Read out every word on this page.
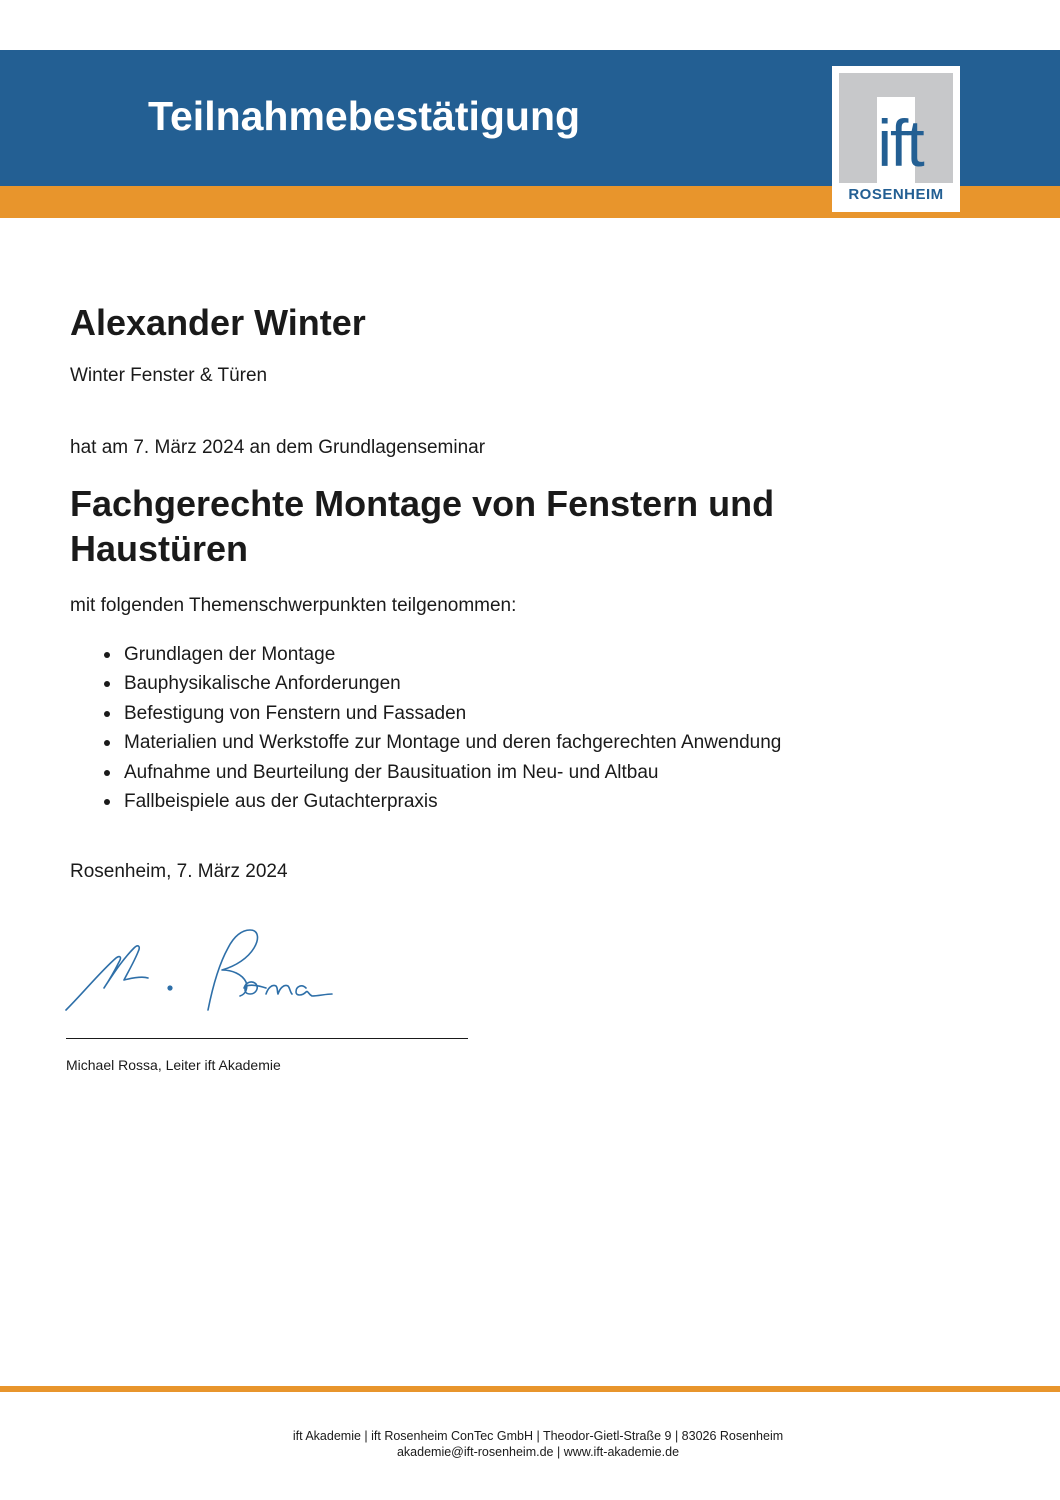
Teilnahmebestätigung	ift
ROSENHEIM
Alexander Winter
Winter Fenster & Türen
hat am 7. März 2024 an dem Grundlagenseminar
Fachgerechte Montage von Fenstern und Haustüren
mit folgenden Themenschwerpunkten teilgenommen:
Grundlagen der Montage
Bauphysikalische Anforderungen
Befestigung von Fenstern und Fassaden
Materialien und Werkstoffe zur Montage und deren fachgerechten Anwendung
Aufnahme und Beurteilung der Bausituation im Neu- und Altbau
Fallbeispiele aus der Gutachterpraxis
Rosenheim, 7. März 2024
Michael Rossa, Leiter ift Akademie
ift Akademie | ift Rosenheim ConTec GmbH | Theodor-Gietl-Straße 9 | 83026 Rosenheim
akademie@ift-rosenheim.de | www.ift-akademie.de
